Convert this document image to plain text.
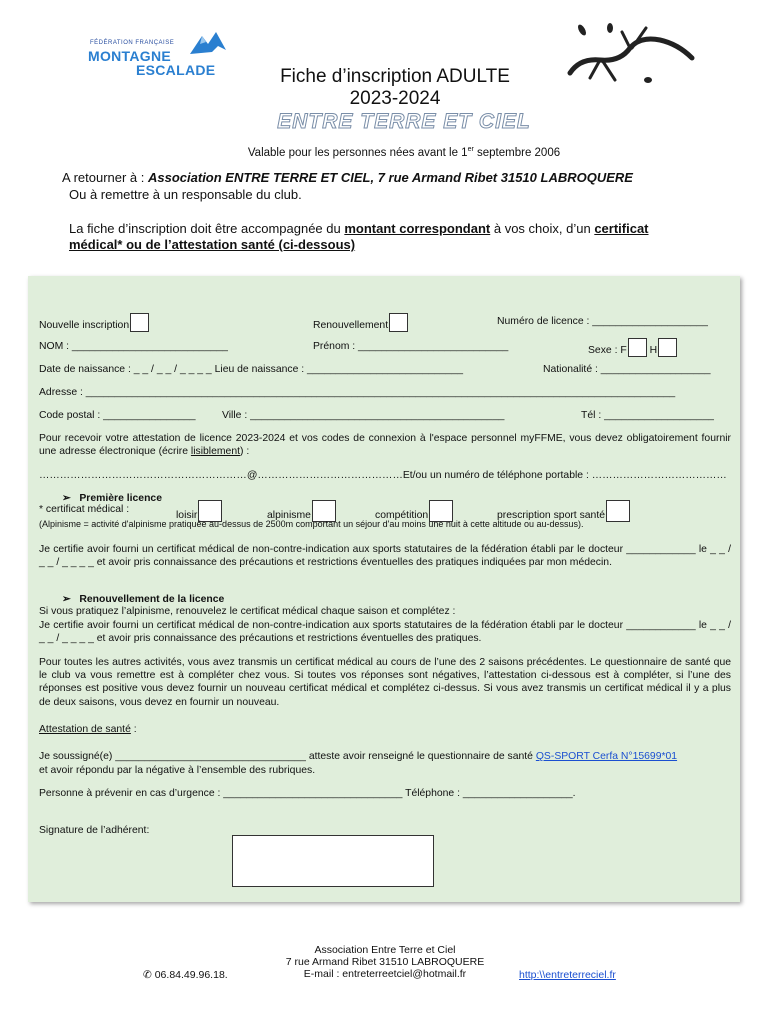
FÉDÉRATION FRANÇAISE
MONTAGNE
ESCALADE	Fiche d’inscription ADULTE
2023-2024
ENTRE TERRE ET CIEL
Valable pour les personnes nées avant le 1er septembre 2006
A retourner à : Association ENTRE TERRE ET CIEL, 7 rue Armand Ribet 31510 LABROQUERE
Ou à remettre à un responsable du club.
La fiche d’inscription doit être accompagnée du montant correspondant à vos choix, d’un certificat
médical* ou de l’attestation santé (ci-dessous)
Nouvelle inscription	Renouvellement	Numéro de licence : ____________________
NOM : ___________________________	Prénom : __________________________	Sexe : F H
Date de naissance : _ _ / _ _ / _ _ _ _ Lieu de naissance : ___________________________	Nationalité : ___________________
Adresse : ______________________________________________________________________________________________________
Code postal : ________________	Ville : ____________________________________________	Tél : ___________________
Pour recevoir votre attestation de licence 2023-2024 et vos codes de connexion à l'espace personnel myFFME, vous devez obligatoirement fournir une adresse électronique (écrire lisiblement) :
……………………………………………………@……………………………………Et/ou un numéro de téléphone portable : …………………………………
➢   Première licence
* certificat médical :
loisir	alpinisme	compétition	prescription sport santé
(Alpinisme = activité d'alpinisme pratiquée au-dessus de 2500m comportant un séjour d'au moins une nuit à cette altitude ou au-dessus).
Je certifie avoir fourni un certificat médical de non-contre-indication aux sports statutaires de la fédération établi par le docteur ____________ le _ _ / _ _ / _ _ _ _ et avoir pris connaissance des précautions et restrictions éventuelles des pratiques indiquées par mon médecin.
➢   Renouvellement de la licence
Si vous pratiquez l’alpinisme, renouvelez le certificat médical chaque saison et complétez :
Je certifie avoir fourni un certificat médical de non-contre-indication aux sports statutaires de la fédération établi par le docteur ____________ le _ _ / _ _ / _ _ _ _ et avoir pris connaissance des précautions et restrictions éventuelles des pratiques.
Pour toutes les autres activités, vous avez transmis un certificat médical au cours de l’une des 2 saisons précédentes. Le questionnaire de santé que le club va vous remettre est à compléter chez vous. Si toutes vos réponses sont négatives, l’attestation ci-dessous est à compléter, si l’une des réponses est positive vous devez fournir un nouveau certificat médical et complétez ci-dessus. Si vous avez transmis un certificat médical il y a plus de deux saisons, vous devez en fournir un nouveau.
Attestation de santé :
Je soussigné(e) _________________________________ atteste avoir renseigné le questionnaire de santé QS-SPORT Cerfa N°15699*01
et avoir répondu par la négative à l’ensemble des rubriques.
Personne à prévenir en cas d’urgence : _______________________________ Téléphone : ___________________.
Signature de l’adhérent:
Association Entre Terre et Ciel
7 rue Armand Ribet 31510 LABROQUERE
E-mail : entreterreetciel@hotmail.fr
✆ 06.84.49.96.18.	http:\\entreterreciel.fr
